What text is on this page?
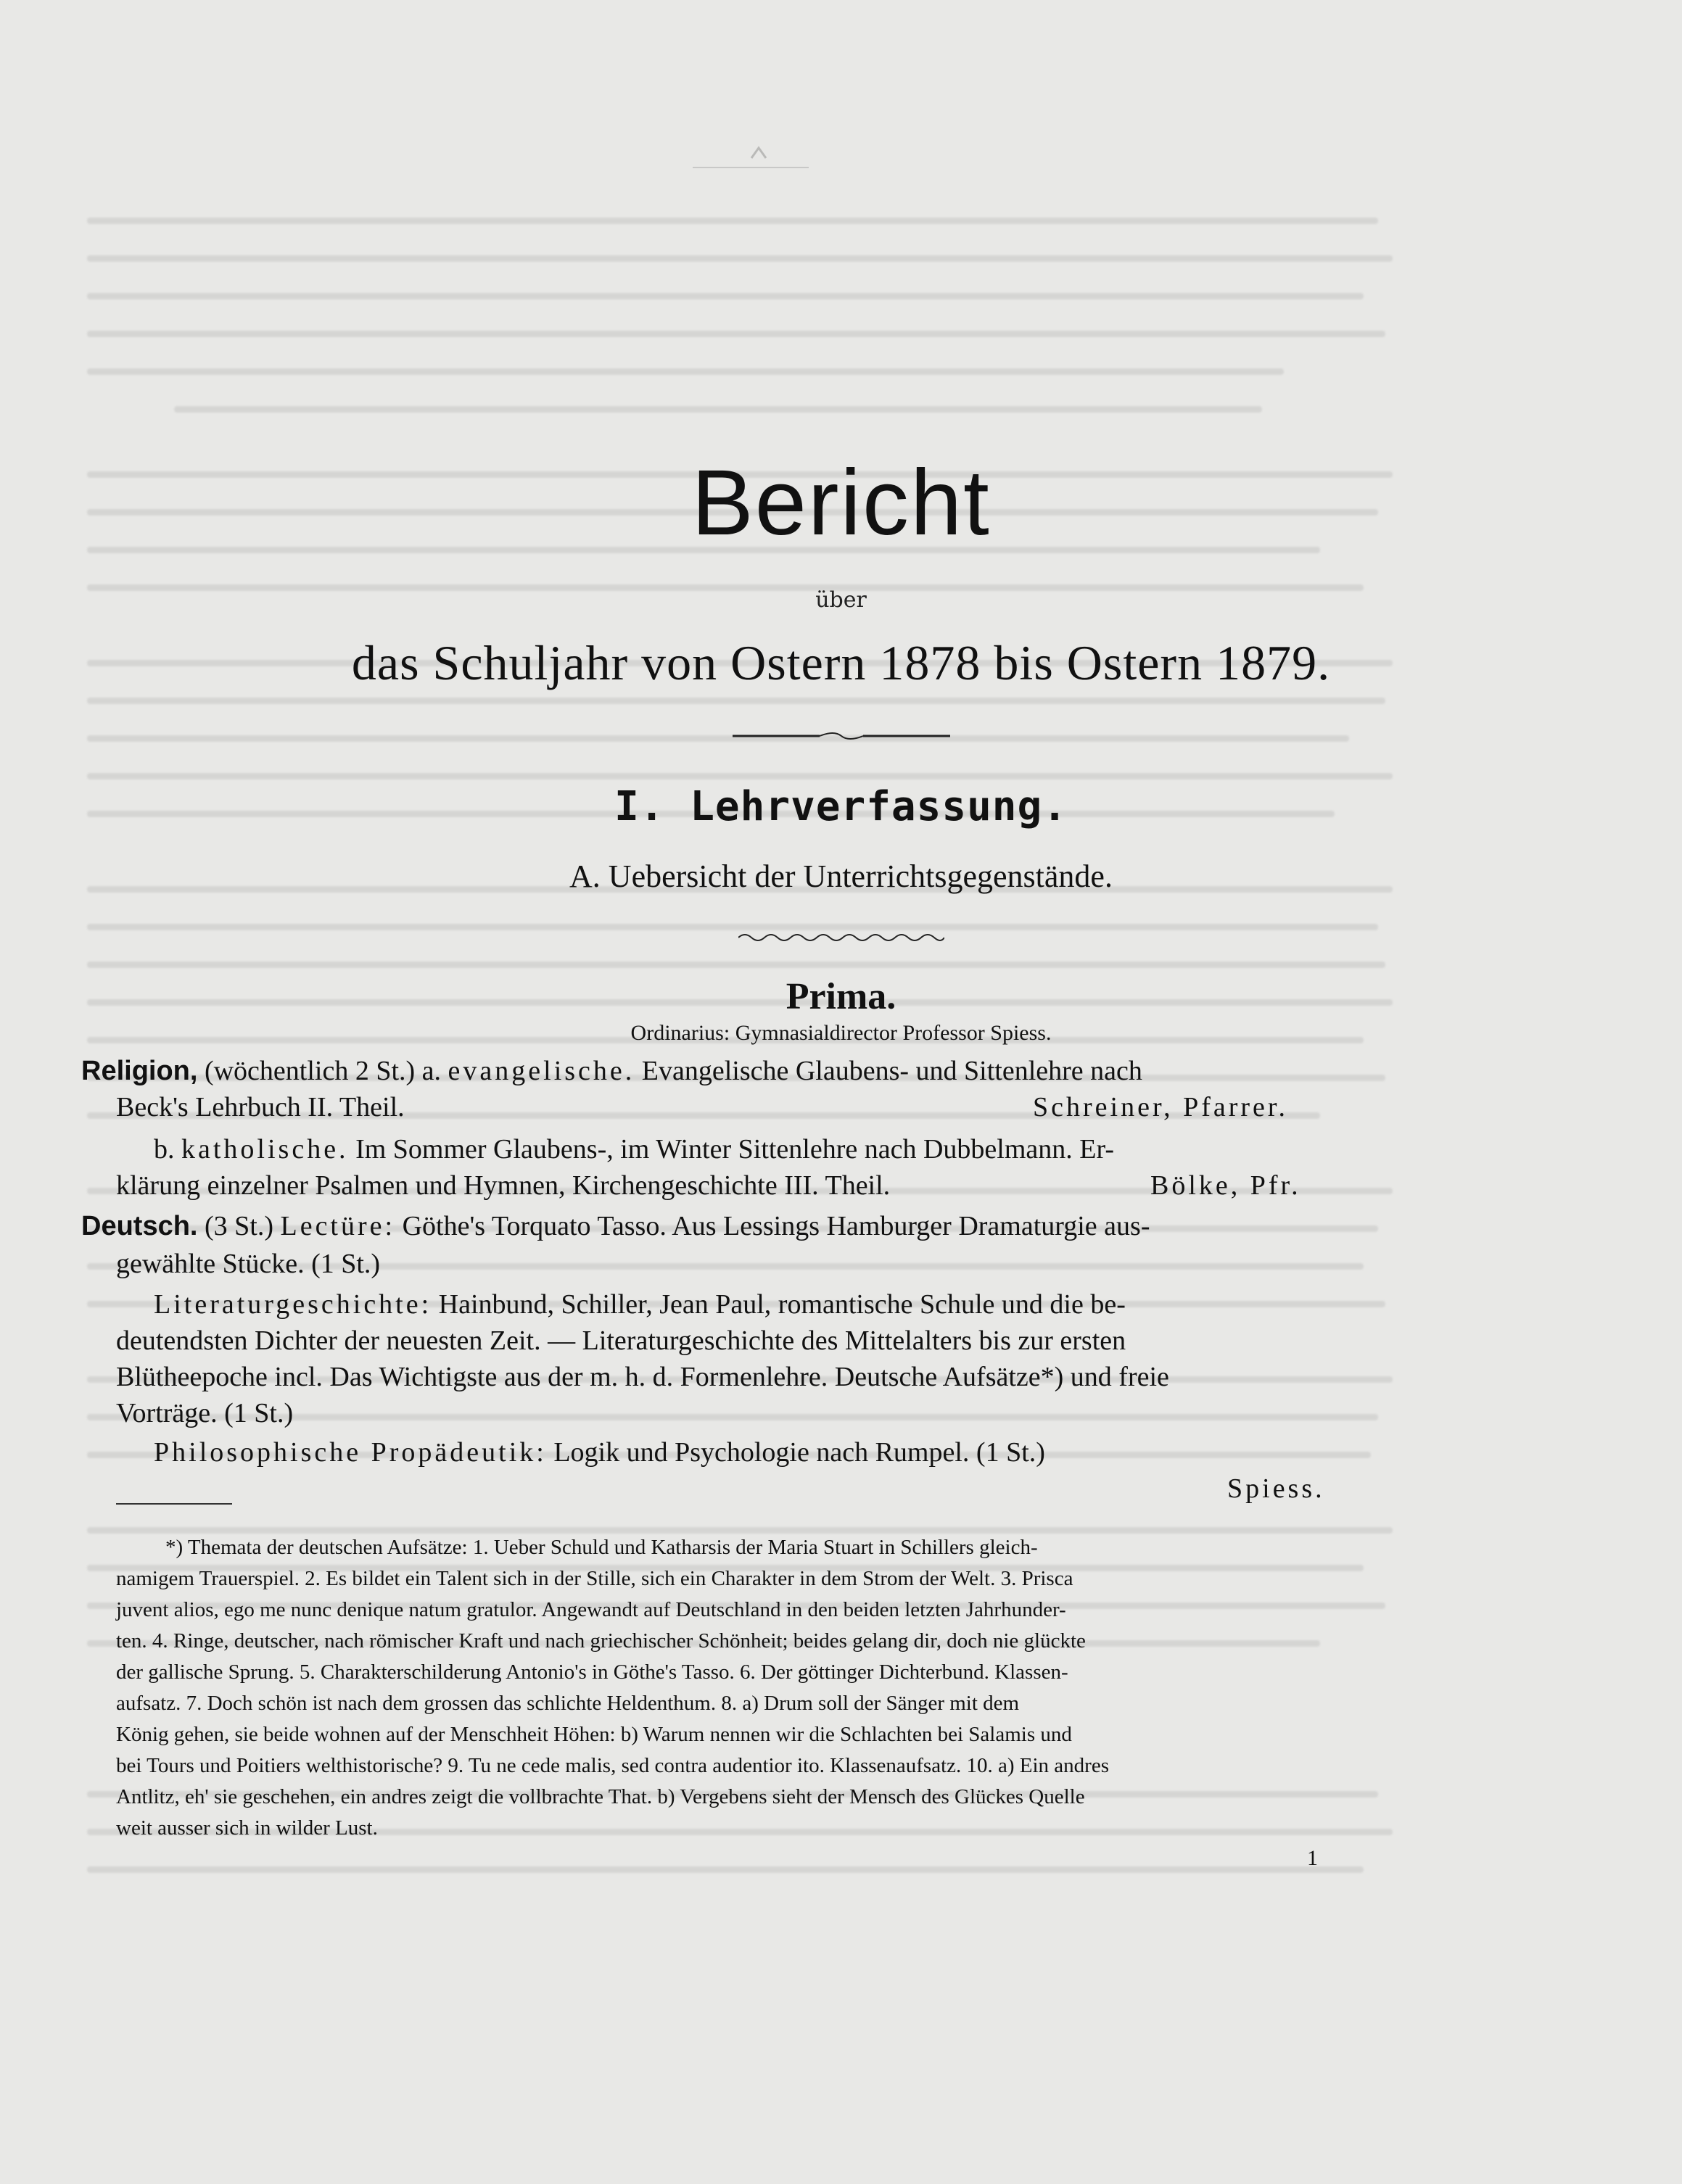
Bericht
über
das Schuljahr von Ostern 1878 bis Ostern 1879.
I. Lehrverfassung.
A. Uebersicht der Unterrichtsgegenstände.
Prima.
Ordinarius: Gymnasialdirector Professor Spiess.
Religion, (wöchentlich 2 St.) a. evangelische. Evangelische Glaubens- und Sittenlehre nach
Beck's Lehrbuch II. Theil.	Schreiner, Pfarrer.
b. katholische. Im Sommer Glaubens-, im Winter Sittenlehre nach Dubbelmann. Er-
klärung einzelner Psalmen und Hymnen, Kirchengeschichte III. Theil.	Bölke, Pfr.
Deutsch. (3 St.) Lectüre: Göthe's Torquato Tasso. Aus Lessings Hamburger Dramaturgie aus-
gewählte Stücke. (1 St.)
Literaturgeschichte: Hainbund, Schiller, Jean Paul, romantische Schule und die be-
deutendsten Dichter der neuesten Zeit. — Literaturgeschichte des Mittelalters bis zur ersten
Blütheepoche incl. Das Wichtigste aus der m. h. d. Formenlehre. Deutsche Aufsätze*) und freie
Vorträge. (1 St.)
Philosophische Propädeutik: Logik und Psychologie nach Rumpel. (1 St.)
Spiess.
*) Themata der deutschen Aufsätze: 1. Ueber Schuld und Katharsis der Maria Stuart in Schillers gleich-
namigem Trauerspiel. 2. Es bildet ein Talent sich in der Stille, sich ein Charakter in dem Strom der Welt. 3. Prisca
juvent alios, ego me nunc denique natum gratulor. Angewandt auf Deutschland in den beiden letzten Jahrhunder-
ten. 4. Ringe, deutscher, nach römischer Kraft und nach griechischer Schönheit; beides gelang dir, doch nie glückte
der gallische Sprung. 5. Charakterschilderung Antonio's in Göthe's Tasso. 6. Der göttinger Dichterbund. Klassen-
aufsatz. 7. Doch schön ist nach dem grossen das schlichte Heldenthum. 8. a) Drum soll der Sänger mit dem
König gehen, sie beide wohnen auf der Menschheit Höhen: b) Warum nennen wir die Schlachten bei Salamis und
bei Tours und Poitiers welthistorische? 9. Tu ne cede malis, sed contra audentior ito. Klassenaufsatz. 10. a) Ein andres
Antlitz, eh' sie geschehen, ein andres zeigt die vollbrachte That. b) Vergebens sieht der Mensch des Glückes Quelle
weit ausser sich in wilder Lust.
1
